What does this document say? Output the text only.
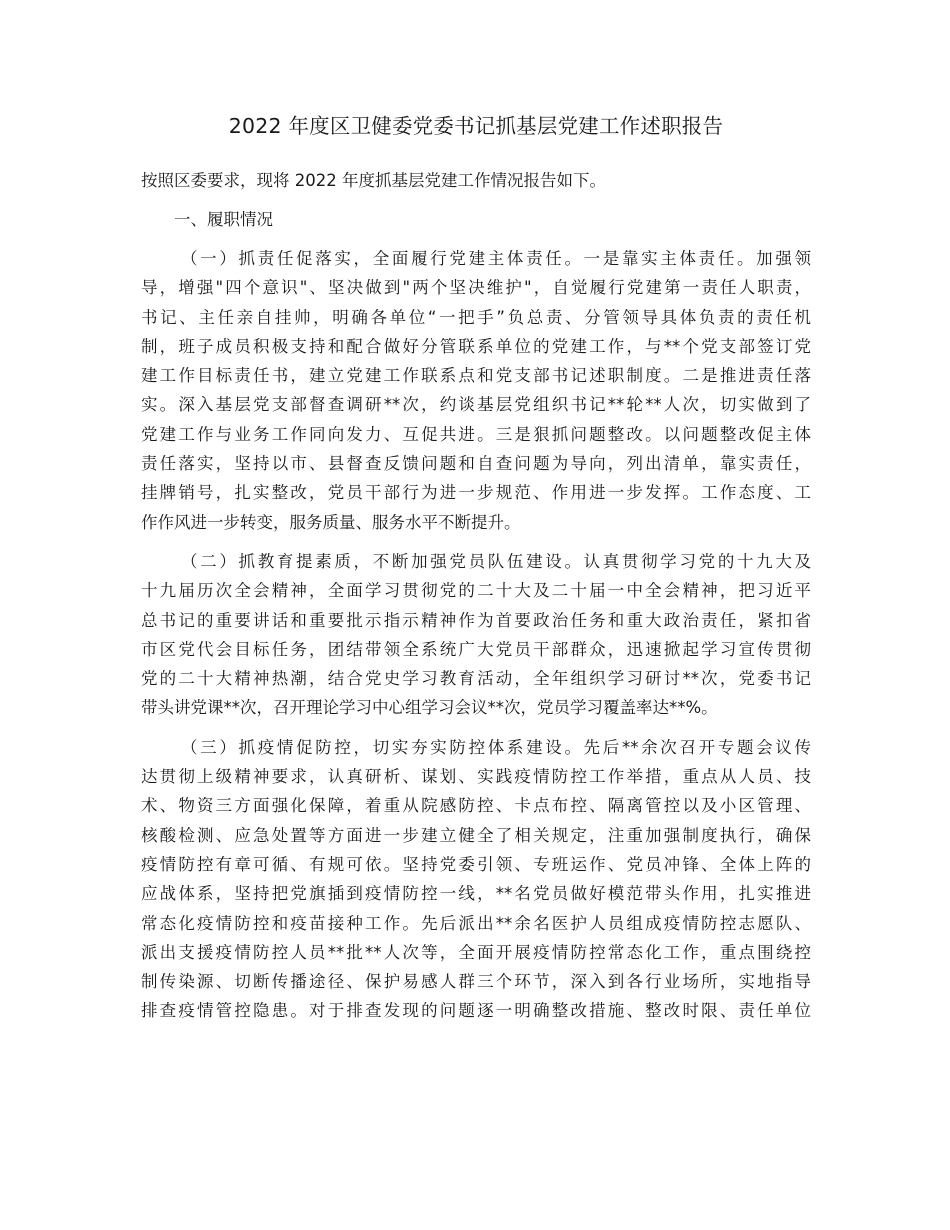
2022 年度区卫健委党委书记抓基层党建工作述职报告

按照区委要求，现将 2022 年度抓基层党建工作情况报告如下。

一、履职情况

（一）抓责任促落实，全面履行党建主体责任。一是靠实主体责任。加强领
导，增强"四个意识"、坚决做到"两个坚决维护"，自觉履行党建第一责任人职责，
书记、主任亲自挂帅，明确各单位“一把手”负总责、分管领导具体负责的责任机
制，班子成员积极支持和配合做好分管联系单位的党建工作，与**个党支部签订党
建工作目标责任书，建立党建工作联系点和党支部书记述职制度。二是推进责任落
实。深入基层党支部督查调研**次，约谈基层党组织书记**轮**人次，切实做到了
党建工作与业务工作同向发力、互促共进。三是狠抓问题整改。以问题整改促主体
责任落实，坚持以市、县督查反馈问题和自查问题为导向，列出清单，靠实责任，
挂牌销号，扎实整改，党员干部行为进一步规范、作用进一步发挥。工作态度、工
作作风进一步转变，服务质量、服务水平不断提升。
（二）抓教育提素质，不断加强党员队伍建设。认真贯彻学习党的十九大及
十九届历次全会精神，全面学习贯彻党的二十大及二十届一中全会精神，把习近平
总书记的重要讲话和重要批示指示精神作为首要政治任务和重大政治责任，紧扣省
市区党代会目标任务，团结带领全系统广大党员干部群众，迅速掀起学习宣传贯彻
党的二十大精神热潮，结合党史学习教育活动，全年组织学习研讨**次，党委书记
带头讲党课**次，召开理论学习中心组学习会议**次，党员学习覆盖率达**%。
（三）抓疫情促防控，切实夯实防控体系建设。先后**余次召开专题会议传
达贯彻上级精神要求，认真研析、谋划、实践疫情防控工作举措，重点从人员、技
术、物资三方面强化保障，着重从院感防控、卡点布控、隔离管控以及小区管理、
核酸检测、应急处置等方面进一步建立健全了相关规定，注重加强制度执行，确保
疫情防控有章可循、有规可依。坚持党委引领、专班运作、党员冲锋、全体上阵的
应战体系，坚持把党旗插到疫情防控一线，**名党员做好模范带头作用，扎实推进
常态化疫情防控和疫苗接种工作。先后派出**余名医护人员组成疫情防控志愿队、
派出支援疫情防控人员**批**人次等，全面开展疫情防控常态化工作，重点围绕控
制传染源、切断传播途径、保护易感人群三个环节，深入到各行业场所，实地指导
排查疫情管控隐患。对于排查发现的问题逐一明确整改措施、整改时限、责任单位
